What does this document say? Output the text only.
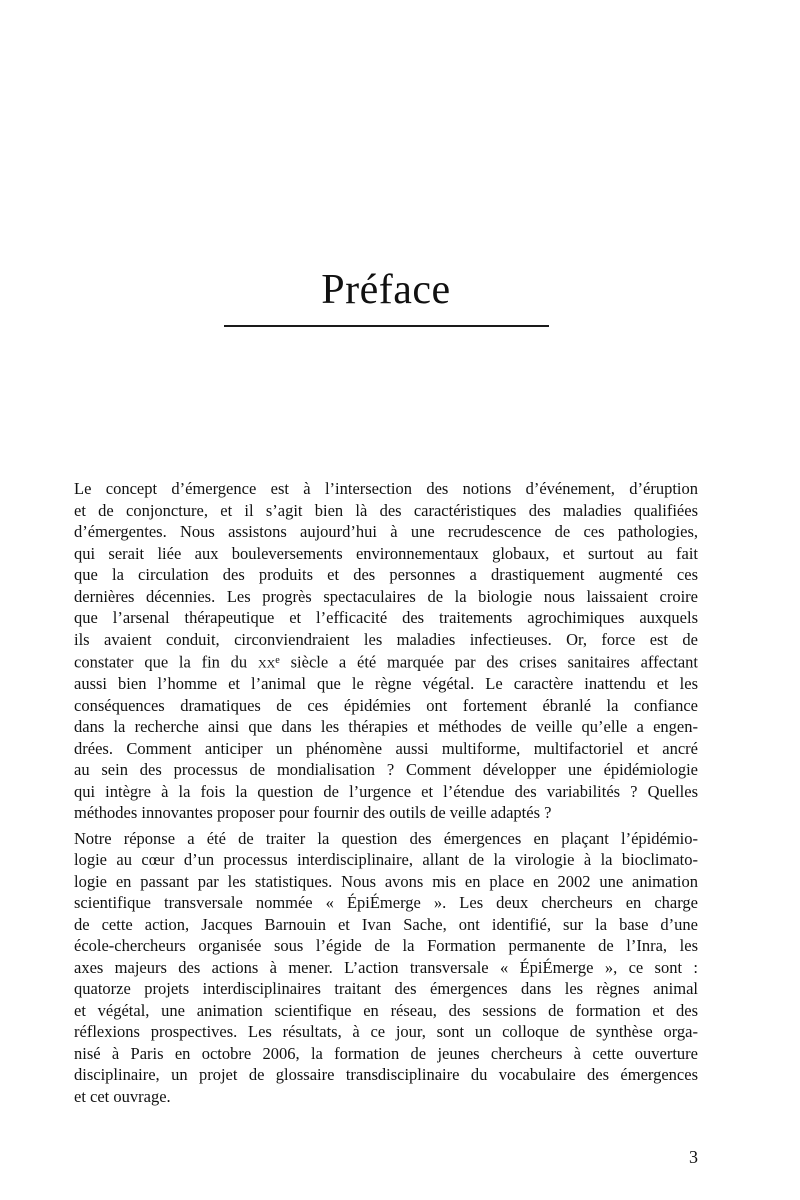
Préface
Le concept d’émergence est à l’intersection des notions d’événement, d’éruption
et de conjoncture, et il s’agit bien là des caractéristiques des maladies qualifiées
d’émergentes. Nous assistons aujourd’hui à une recrudescence de ces pathologies,
qui serait liée aux bouleversements environnementaux globaux, et surtout au fait
que la circulation des produits et des personnes a drastiquement augmenté ces
dernières décennies. Les progrès spectaculaires de la biologie nous laissaient croire
que l’arsenal thérapeutique et l’efficacité des traitements agrochimiques auxquels
ils avaient conduit, circonviendraient les maladies infectieuses. Or, force est de
constater que la fin du $xx^e$ siècle a été marquée par des crises sanitaires affectant
aussi bien l’homme et l’animal que le règne végétal. Le caractère inattendu et les
conséquences dramatiques de ces épidémies ont fortement ébranlé la confiance
dans la recherche ainsi que dans les thérapies et méthodes de veille qu’elle a engen-
drées. Comment anticiper un phénomène aussi multiforme, multifactoriel et ancré
au sein des processus de mondialisation ? Comment développer une épidémiologie
qui intègre à la fois la question de l’urgence et l’étendue des variabilités ? Quelles
méthodes innovantes proposer pour fournir des outils de veille adaptés ?
Notre réponse a été de traiter la question des émergences en plaçant l’épidémio-
logie au cœur d’un processus interdisciplinaire, allant de la virologie à la bioclimato-
logie en passant par les statistiques. Nous avons mis en place en 2002 une animation
scientifique transversale nommée « ÉpiÉmerge ». Les deux chercheurs en charge
de cette action, Jacques Barnouin et Ivan Sache, ont identifié, sur la base d’une
école-chercheurs organisée sous l’égide de la Formation permanente de l’Inra, les
axes majeurs des actions à mener. L’action transversale « ÉpiÉmerge », ce sont :
quatorze projets interdisciplinaires traitant des émergences dans les règnes animal
et végétal, une animation scientifique en réseau, des sessions de formation et des
réflexions prospectives. Les résultats, à ce jour, sont un colloque de synthèse orga-
nisé à Paris en octobre 2006, la formation de jeunes chercheurs à cette ouverture
disciplinaire, un projet de glossaire transdisciplinaire du vocabulaire des émergences
et cet ouvrage.
3
